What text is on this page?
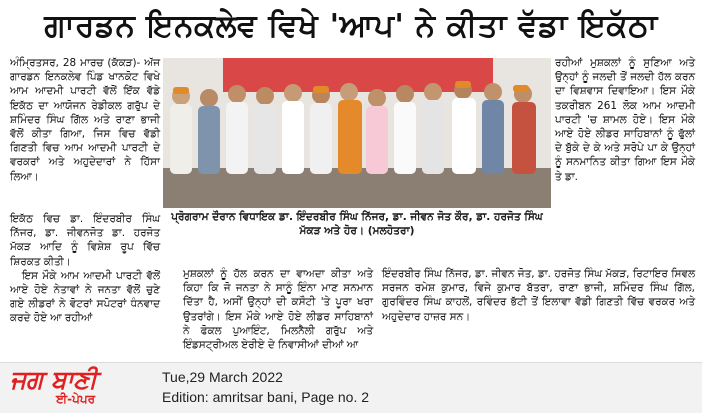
ਗਾਰਡਨ ਇਨਕਲੇਵ ਵਿਖੇ 'ਆਪ' ਨੇ ਕੀਤਾ ਵੱਡਾ ਇਕੱਠਾ

ਅੰਮ੍ਰਿਤਸਰ, 28 ਮਾਰਚ (ਕੱਕੜ)- ਅੱਜ ਗਾਰਡਨ ਇਨਕਲੇਵ ਪਿੰਡ ਖਾਨਕੋਟ ਵਿਖੇ ਆਮ ਆਦਮੀ ਪਾਰਟੀ ਵੱਲੋਂ ਇੱਕ ਵੱਡੇ ਇਕੱਠ ਦਾ ਆਯੋਜਨ ਰੇਡੀਕਲ ਗਰੁੱਪ ਦੇ ਸ਼ਮਿੰਦਰ ਸਿੰਘ ਗਿੱਲ ਅਤੇ ਰਾਣਾ ਭਾਜੀ ਵੱਲੋਂ ਕੀਤਾ ਗਿਆ, ਜਿਸ ਵਿਚ ਵੱਡੀ ਗਿਣਤੀ ਵਿਚ ਆਮ ਆਦਮੀ ਪਾਰਟੀ ਦੇ ਵਰਕਰਾਂ ਅਤੇ ਅਹੁਦੇਦਾਰਾਂ ਨੇ ਹਿੱਸਾ ਲਿਆ।

ਪ੍ਰੋਗਰਾਮ ਦੌਰਾਨ ਵਿਧਾਇਕ ਡਾ. ਇੰਦਰਬੀਰ ਸਿੰਘ ਨਿੱਜਰ, ਡਾ. ਜੀਵਨ ਜੋਤ ਕੌਰ, ਡਾ. ਹਰਜੋਤ ਸਿੰਘ ਮੱਕੜ ਅਤੇ ਹੋਰ। (ਮਲਹੋਤਰਾ)

ਰਹੀਆਂ ਮੁਸ਼ਕਲਾਂ ਨੂੰ ਸੁਣਿਆ ਅਤੇ ਉਨ੍ਹਾਂ ਨੂੰ ਜਲਦੀ ਤੋਂ ਜਲਦੀ ਹੱਲ ਕਰਨ ਦਾ ਵਿਸ਼ਵਾਸ ਦਿਵਾਇਆ। ਇਸ ਮੌਕੇ ਤਕਰੀਬਨ 261 ਲੋਕ ਆਮ ਆਦਮੀ ਪਾਰਟੀ 'ਚ ਸ਼ਾਮਲ ਹੋਏ। ਇਸ ਮੌਕੇ ਆਏ ਹੋਏ ਲੀਡਰ ਸਾਹਿਬਾਨਾਂ ਨੂੰ ਫੁੱਲਾਂ ਦੇ ਬੁੱਕੇ ਦੇ ਕੇ ਅਤੇ ਸਰੋਪੇ ਪਾ ਕੇ ਉਨ੍ਹਾਂ ਨੂੰ ਸਨਮਾਨਿਤ ਕੀਤਾ ਗਿਆ ਇਸ ਮੌਕੇ ਤੇ ਡਾ.

ਇਕੱਠ ਵਿਚ ਡਾ. ਇੰਦਰਬੀਰ ਸਿੰਘ ਨਿੱਜਰ, ਡਾ. ਜੀਵਨਜੋਤ ਡਾ. ਹਰਜੋਤ ਮੱਕੜ ਆਦਿ ਨੂੰ ਵਿਸ਼ੇਸ਼ ਰੂਪ ਵਿੱਚ ਸ਼ਿਰਕਤ ਕੀਤੀ।

ਇਸ ਮੌਕੇ ਆਮ ਆਦਮੀ ਪਾਰਟੀ ਵੱਲੋਂ ਆਏ ਹੋਏ ਨੇਤਾਵਾਂ ਨੇ ਜਨਤਾ ਵੱਲੋਂ ਚੁਣੇ ਗਏ ਲੀਡਰਾਂ ਨੇ ਵੋਟਰਾਂ ਸਪੋਟਰਾਂ ਧੰਨਵਾਦ ਕਰਦੇ ਹੋਏ ਆ ਰਹੀਆਂ

ਮੁਸ਼ਕਲਾਂ ਨੂੰ ਹੱਲ ਕਰਨ ਦਾ ਵਾਅਦਾ ਕੀਤਾ ਅਤੇ ਕਿਹਾ ਕਿ ਜੋ ਜਨਤਾ ਨੇ ਸਾਨੂੰ ਇੰਨਾ ਮਾਣ ਸਨਮਾਨ ਦਿੱਤਾ ਹੈ, ਅਸੀਂ ਉਨ੍ਹਾਂ ਦੀ ਕਸੌਟੀ 'ਤੇ ਪੂਰਾ ਖਰਾ ਉਤਰਾਂਗੇ। ਇਸ ਮੌਕੇ ਆਏ ਹੋਏ ਲੀਡਰ ਸਾਹਿਬਾਨਾਂ ਨੇ ਫੋਕਲ ਪੁਆਇੰਟ, ਮਿਲਨੈਲੀ ਗਰੁੱਪ ਅਤੇ ਇੰਡਸਟ੍ਰੀਅਲ ਏਰੀਏ ਦੇ ਨਿਵਾਸੀਆਂ ਦੀਆਂ ਆ

ਇੰਦਰਬੀਰ ਸਿੰਘ ਨਿੱਜਰ, ਡਾ. ਜੀਵਨ ਜੋਤ, ਡਾ. ਹਰਜੋਤ ਸਿੰਘ ਮੱਕੜ, ਰਿਟਾਇਰ ਸਿਵਲ ਸਰਜਨ ਰਮੇਸ਼ ਕੁਮਾਰ, ਵਿਜੇ ਕੁਮਾਰ ਬੱਤਰਾ, ਰਾਣਾ ਭਾਜੀ, ਸ਼ਮਿੰਦਰ ਸਿੰਘ ਗਿੱਲ, ਗੁਰਵਿੰਦਰ ਸਿੰਘ ਕਾਹਲੋਂ, ਰਵਿੰਦਰ ਭੱਟੀ ਤੋਂ ਇਲਾਵਾ ਵੱਡੀ ਗਿਣਤੀ ਵਿੱਚ ਵਰਕਰ ਅਤੇ ਅਹੁਦੇਦਾਰ ਹਾਜ਼ਰ ਸਨ।

ਜਗ ਬਾਣੀ
ਈ-ਪੇਪਰ
Tue,29 March 2022
Edition: amritsar bani, Page no. 2
